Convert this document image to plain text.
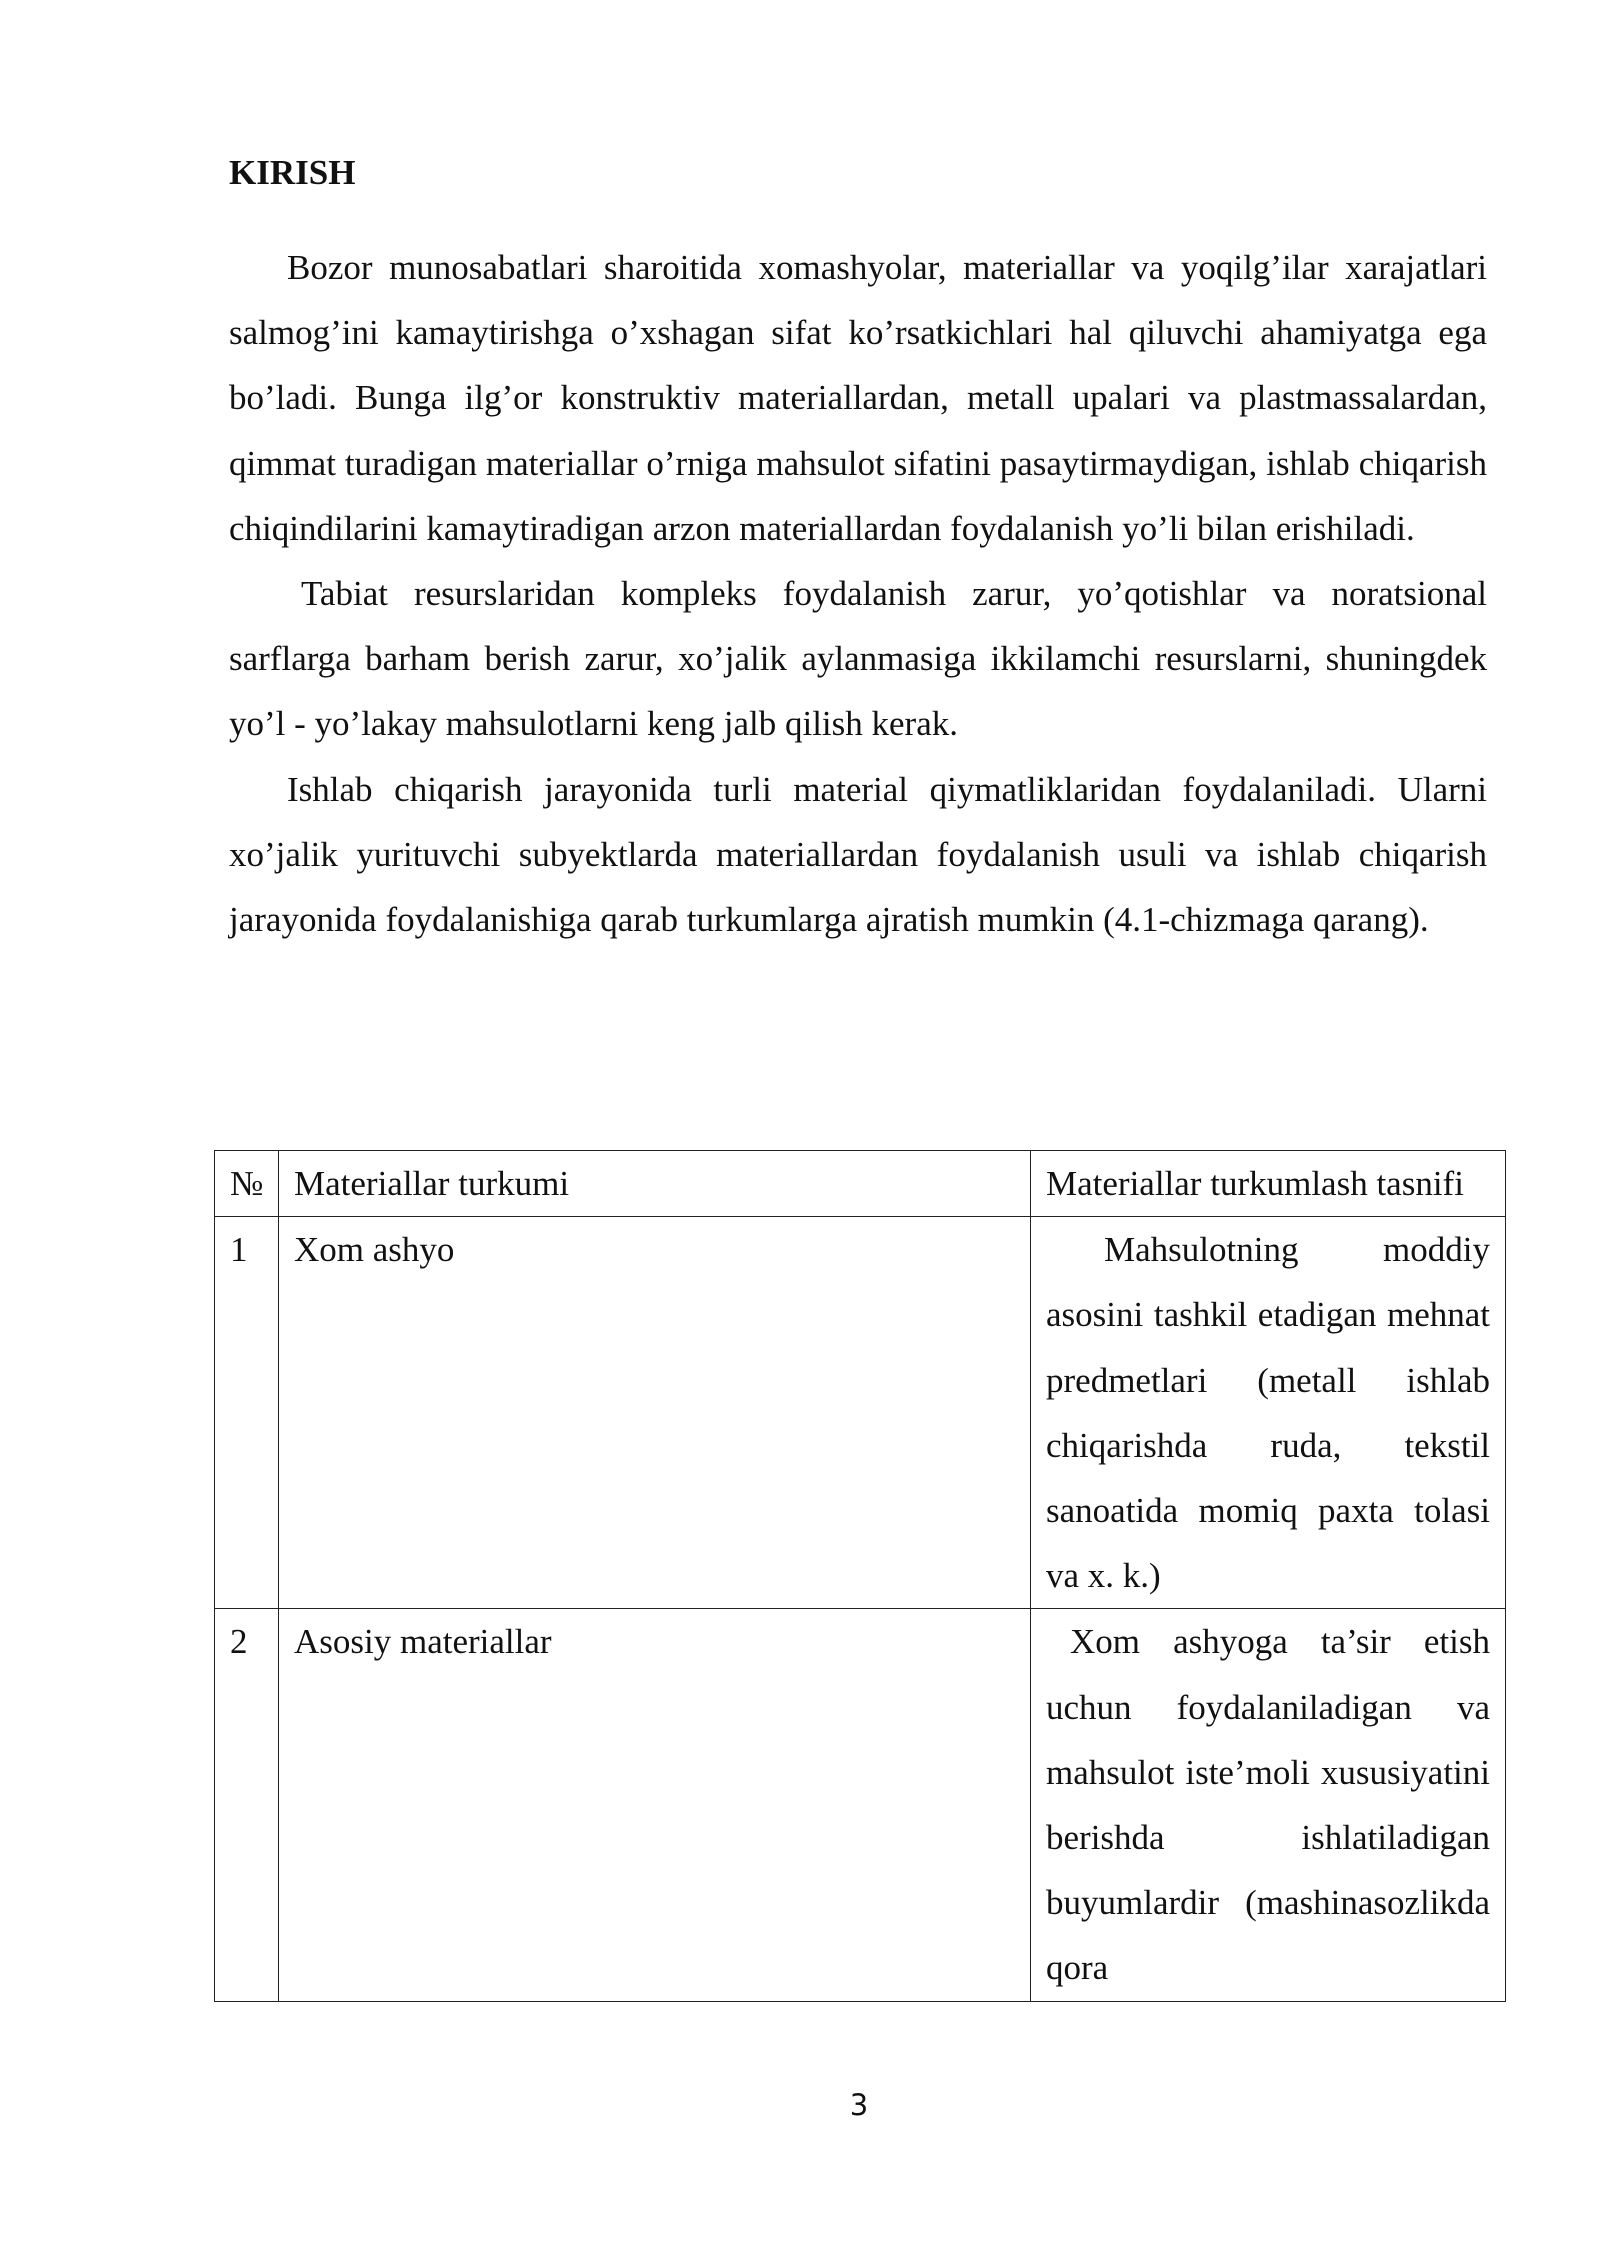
KIRISH

Bozor munosabatlari sharoitida xomashyolar, materiallar va yoqilg’ilar xarajatlari salmog’ini kamaytirishga o’xshagan sifat ko’rsatkichlari hal qiluvchi ahamiyatga ega bo’ladi. Bunga ilg’or konstruktiv materiallardan, metall upalari va plastmassalardan, qimmat turadigan materiallar o’rniga mahsulot sifatini pasaytirmaydigan, ishlab chiqarish chiqindilarini kamaytiradigan arzon materiallardan foydalanish yo’li bilan erishiladi.

Tabiat resurslaridan kompleks foydalanish zarur, yo’qotishlar va noratsional sarflarga barham berish zarur, xo’jalik aylanmasiga ikkilamchi resurslarni, shuningdek yo’l - yo’lakay mahsulotlarni keng jalb qilish kerak.

Ishlab chiqarish jarayonida turli material qiymatliklaridan foydalaniladi. Ularni xo’jalik yurituvchi subyektlarda materiallardan foydalanish usuli va ishlab chiqarish jarayonida foydalanishiga qarab turkumlarga ajratish mumkin (4.1-chizmaga qarang).

№	Materiallar turkumi	Materiallar turkumlash tasnifi

1	Xom ashyo	Mahsulotning moddiy asosini tashkil etadigan mehnat predmetlari (metall ishlab chiqarishda ruda, tekstil sanoatida momiq paxta tolasi va x. k.)

2	Asosiy materiallar	Xom ashyoga ta’sir etish uchun foydalaniladigan va mahsulot iste’moli xususiyatini berishda ishlatiladigan buyumlardir (mashinasozlikda qora
3
